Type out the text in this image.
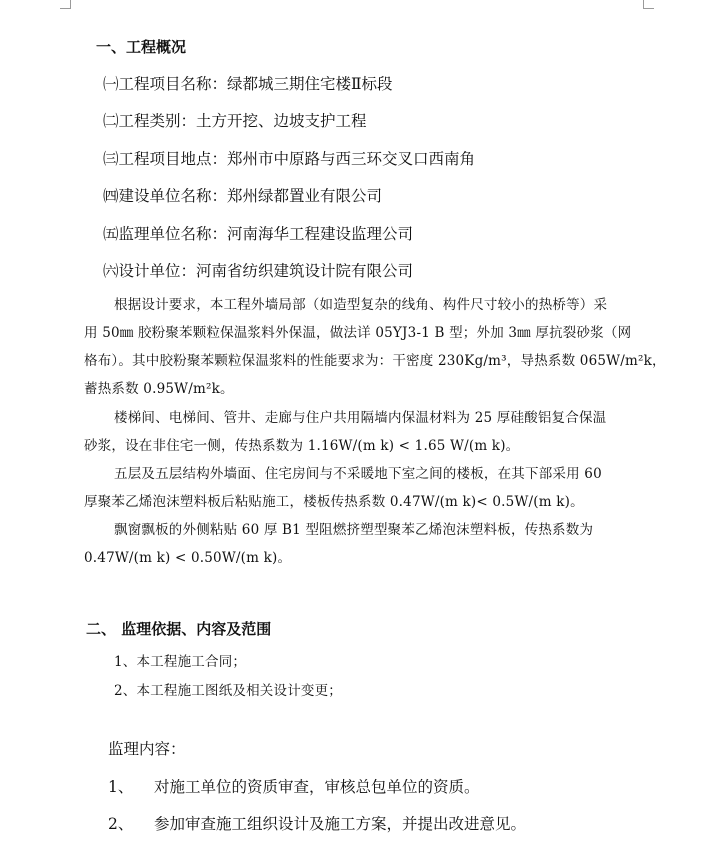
一、工程概况
㈠工程项目名称：绿都城三期住宅楼Ⅱ标段
㈡工程类别：土方开挖、边坡支护工程
㈢工程项目地点：郑州市中原路与西三环交叉口西南角
㈣建设单位名称：郑州绿都置业有限公司
㈤监理单位名称：河南海华工程建设监理公司
㈥设计单位：河南省纺织建筑设计院有限公司
根据设计要求，本工程外墙局部（如造型复杂的线角、构件尺寸较小的热桥等）采
用 50㎜ 胶粉聚苯颗粒保温浆料外保温，做法详 05YJ3-1 B 型；外加 3㎜ 厚抗裂砂浆（网
格布）。其中胶粉聚苯颗粒保温浆料的性能要求为：干密度 230Kg/m³，导热系数 065W/m²k，
蓄热系数 0.95W/m²k。
楼梯间、电梯间、管井、走廊与住户共用隔墙内保温材料为 25 厚硅酸铝复合保温
砂浆，设在非住宅一侧，传热系数为 1.16W/(m k) < 1.65 W/(m k)。
五层及五层结构外墙面、住宅房间与不采暖地下室之间的楼板，在其下部采用 60
厚聚苯乙烯泡沫塑料板后粘贴施工，楼板传热系数 0.47W/(m k)< 0.5W/(m k)。
飘窗飘板的外侧粘贴 60 厚 B1 型阻燃挤塑型聚苯乙烯泡沫塑料板，传热系数为
0.47W/(m k) < 0.50W/(m k)。
二、 监理依据、内容及范围
1、本工程施工合同；
2、本工程施工图纸及相关设计变更；
监理内容：
1、 对施工单位的资质审查，审核总包单位的资质。
2、 参加审查施工组织设计及施工方案，并提出改进意见。
